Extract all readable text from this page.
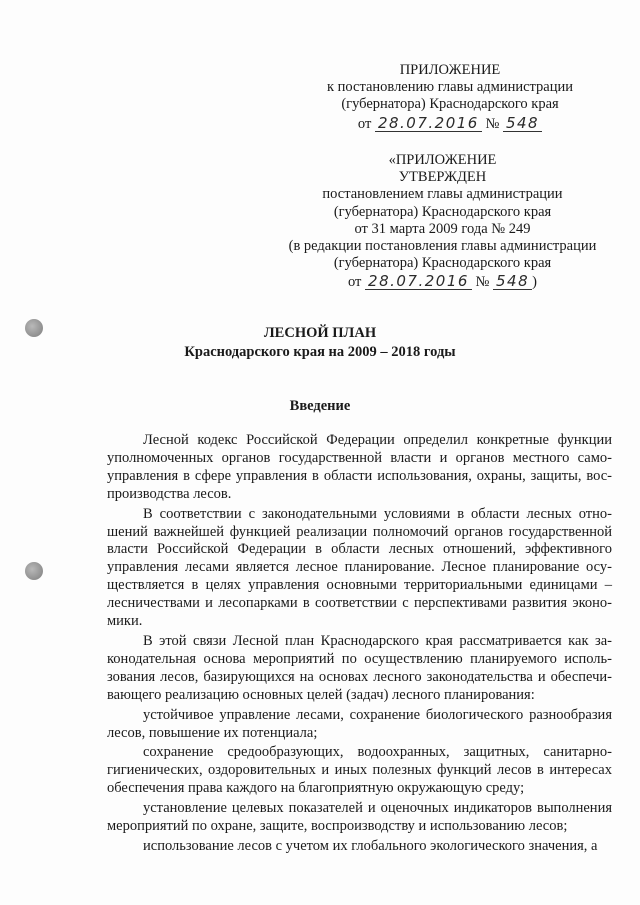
ПРИЛОЖЕНИЕ
к постановлению главы администрации
(губернатора) Краснодарского края
от 28.07.2016 № 548
«ПРИЛОЖЕНИЕ
УТВЕРЖДЕН
постановлением главы администрации
(губернатора) Краснодарского края
от 31 марта 2009 года № 249
(в редакции постановления главы администрации
(губернатора) Краснодарского края
от 28.07.2016 № 548 )
ЛЕСНОЙ ПЛАН
Краснодарского края на 2009 – 2018 годы
Введение

Лесной кодекс Российской Федерации определил конкретные функции уполномоченных органов государственной власти и органов местного самоуправления в сфере управления в области использования, охраны, защиты, воспроизводства лесов.

В соответствии с законодательными условиями в области лесных отношений важнейшей функцией реализации полномочий органов государственной власти Российской Федерации в области лесных отношений, эффективного управления лесами является лесное планирование. Лесное планирование осуществляется в целях управления основными территориальными единицами – лесничествами и лесопарками в соответствии с перспективами развития экономики.

В этой связи Лесной план Краснодарского края рассматривается как законодательная основа мероприятий по осуществлению планируемого использования лесов, базирующихся на основах лесного законодательства и обеспечивающего реализацию основных целей (задач) лесного планирования:

устойчивое управление лесами, сохранение биологического разнообразия лесов, повышение их потенциала;

сохранение средообразующих, водоохранных, защитных, санитарно-гигиенических, оздоровительных и иных полезных функций лесов в интересах обеспечения права каждого на благоприятную окружающую среду;

установление целевых показателей и оценочных индикаторов выполнения мероприятий по охране, защите, воспроизводству и использованию лесов;

использование лесов с учетом их глобального экологического значения, а
